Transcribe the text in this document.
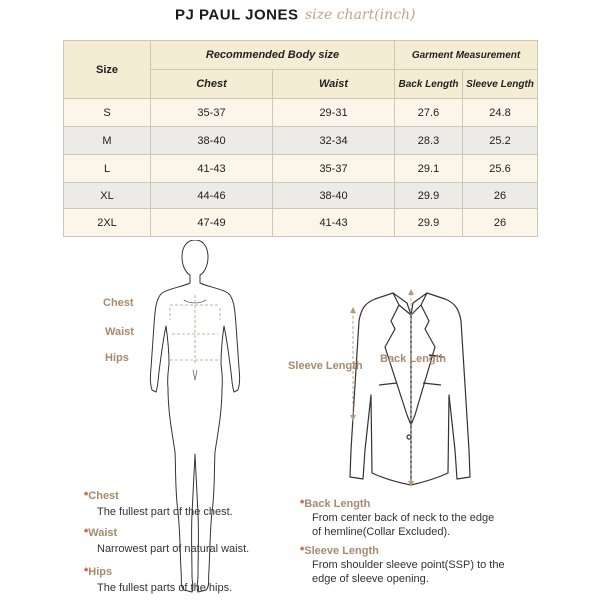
PJ PAUL JONES size chart(inch)
Size	Recommended Body size		Garment Measurement	
	Chest	Waist	Back Length	Sleeve Length
S	35-37	29-31	27.6	24.8
M	38-40	32-34	28.3	25.2
L	41-43	35-37	29.1	25.6
XL	44-46	38-40	29.9	26
2XL	47-49	41-43	29.9	26
Chest
Waist
Hips
Sleeve Length
Back Length
*Chest
The fullest part of the chest.
*Waist
Narrowest part of natural waist.
*Hips
The fullest parts of the hips.
*Back Length
From center back of neck to the edge
of hemline(Collar Excluded).
*Sleeve Length
From shoulder sleeve point(SSP) to the
edge of sleeve opening.
